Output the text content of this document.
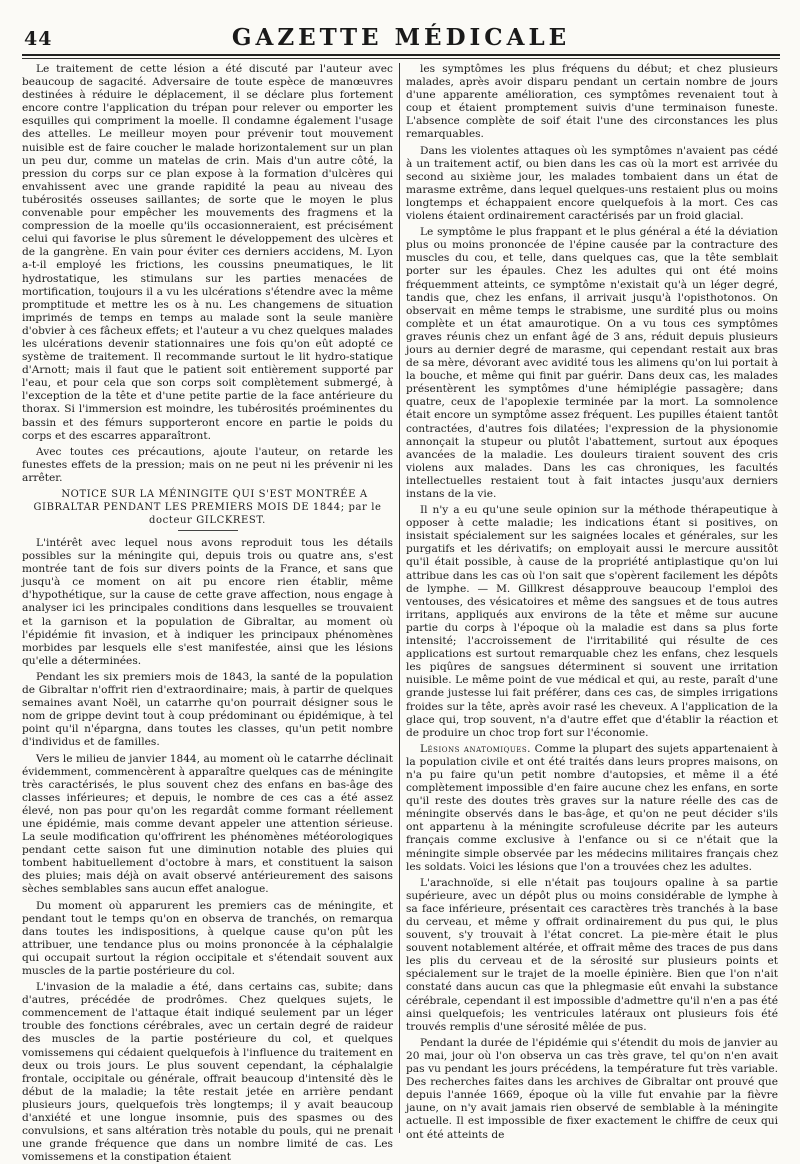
44	GAZETTE MÉDICALE

Le traitement de cette lésion a été discuté par l'auteur avec beaucoup de sagacité. Adversaire de toute espèce de manœuvres destinées à réduire le déplacement, il se déclare plus fortement encore contre l'application du trépan pour relever ou emporter les esquilles qui compriment la moelle. Il condamne également l'usage des attelles. Le meilleur moyen pour prévenir tout mouvement nuisible est de faire coucher le malade horizontalement sur un plan un peu dur, comme un matelas de crin. Mais d'un autre côté, la pression du corps sur ce plan expose à la formation d'ulcères qui envahissent avec une grande rapidité la peau au niveau des tubérosités osseuses saillantes; de sorte que le moyen le plus convenable pour empêcher les mouvements des fragmens et la compression de la moelle qu'ils occasionneraient, est précisément celui qui favorise le plus sûrement le développement des ulcères et de la gangrène. En vain pour éviter ces derniers accidens, M. Lyon a-t-il employé les frictions, les coussins pneumatiques, le lit hydrostatique, les stimulans sur les parties menacées de mortification, toujours il a vu les ulcérations s'étendre avec la même promptitude et mettre les os à nu. Les changemens de situation imprimés de temps en temps au malade sont la seule manière d'obvier à ces fâcheux effets; et l'auteur a vu chez quelques malades les ulcérations devenir stationnaires une fois qu'on eût adopté ce système de traitement. Il recommande surtout le lit hydro-statique d'Arnott; mais il faut que le patient soit entièrement supporté par l'eau, et pour cela que son corps soit complètement submergé, à l'exception de la tête et d'une petite partie de la face antérieure du thorax. Si l'immersion est moindre, les tubérosités proéminentes du bassin et des fémurs supporteront encore en partie le poids du corps et des escarres apparaîtront.

Avec toutes ces précautions, ajoute l'auteur, on retarde les funestes effets de la pression; mais on ne peut ni les prévenir ni les arrêter.

NOTICE SUR LA MÉNINGITE QUI S'EST MONTRÉE A GIBRALTAR PENDANT LES PREMIERS MOIS DE 1844; par le docteur GILCKREST.

L'intérêt avec lequel nous avons reproduit tous les détails possibles sur la méningite qui, depuis trois ou quatre ans, s'est montrée tant de fois sur divers points de la France, et sans que jusqu'à ce moment on ait pu encore rien établir, même d'hypothétique, sur la cause de cette grave affection, nous engage à analyser ici les principales conditions dans lesquelles se trouvaient et la garnison et la population de Gibraltar, au moment où l'épidémie fit invasion, et à indiquer les principaux phénomènes morbides par lesquels elle s'est manifestée, ainsi que les lésions qu'elle a déterminées.

Pendant les six premiers mois de 1843, la santé de la population de Gibraltar n'offrit rien d'extraordinaire; mais, à partir de quelques semaines avant Noël, un catarrhe qu'on pourrait désigner sous le nom de grippe devint tout à coup prédominant ou épidémique, à tel point qu'il n'épargna, dans toutes les classes, qu'un petit nombre d'individus et de familles.

Vers le milieu de janvier 1844, au moment où le catarrhe déclinait évidemment, commencèrent à apparaître quelques cas de méningite très caractérisés, le plus souvent chez des enfans en bas-âge des classes inférieures; et depuis, le nombre de ces cas a été assez élevé, non pas pour qu'on les regardât comme formant réellement une épidémie, mais comme devant appeler une attention sérieuse. La seule modification qu'offrirent les phénomènes météorologiques pendant cette saison fut une diminution notable des pluies qui tombent habituellement d'octobre à mars, et constituent la saison des pluies; mais déjà on avait observé antérieurement des saisons sèches semblables sans aucun effet analogue.

Du moment où apparurent les premiers cas de méningite, et pendant tout le temps qu'on en observa de tranchés, on remarqua dans toutes les indispositions, à quelque cause qu'on pût les attribuer, une tendance plus ou moins prononcée à la céphalalgie qui occupait surtout la région occipitale et s'étendait souvent aux muscles de la partie postérieure du col.

L'invasion de la maladie a été, dans certains cas, subite; dans d'autres, précédée de prodrômes. Chez quelques sujets, le commencement de l'attaque était indiqué seulement par un léger trouble des fonctions cérébrales, avec un certain degré de raideur des muscles de la partie postérieure du col, et quelques vomissemens qui cédaient quelquefois à l'influence du traitement en deux ou trois jours. Le plus souvent cependant, la céphalalgie frontale, occipitale ou générale, offrait beaucoup d'intensité dès le début de la maladie; la tête restait jetée en arrière pendant plusieurs jours, quelquefois très longtemps; il y avait beaucoup d'anxiété et une longue insomnie, puis des spasmes ou des convulsions, et sans altération très notable du pouls, qui ne prenait une grande fréquence que dans un nombre limité de cas. Les vomissemens et la constipation étaient

les symptômes les plus fréquens du début; et chez plusieurs malades, après avoir disparu pendant un certain nombre de jours d'une apparente amélioration, ces symptômes revenaient tout à coup et étaient promptement suivis d'une terminaison funeste. L'absence complète de soif était l'une des circonstances les plus remarquables.

Dans les violentes attaques où les symptômes n'avaient pas cédé à un traitement actif, ou bien dans les cas où la mort est arrivée du second au sixième jour, les malades tombaient dans un état de marasme extrême, dans lequel quelques-uns restaient plus ou moins longtemps et échappaient encore quelquefois à la mort. Ces cas violens étaient ordinairement caractérisés par un froid glacial.

Le symptôme le plus frappant et le plus général a été la déviation plus ou moins prononcée de l'épine causée par la contracture des muscles du cou, et telle, dans quelques cas, que la tête semblait porter sur les épaules. Chez les adultes qui ont été moins fréquemment atteints, ce symptôme n'existait qu'à un léger degré, tandis que, chez les enfans, il arrivait jusqu'à l'opisthotonos. On observait en même temps le strabisme, une surdité plus ou moins complète et un état amaurotique. On a vu tous ces symptômes graves réunis chez un enfant âgé de 3 ans, réduit depuis plusieurs jours au dernier degré de marasme, qui cependant restait aux bras de sa mère, dévorant avec avidité tous les alimens qu'on lui portait à la bouche, et même qui finit par guérir. Dans deux cas, les malades présentèrent les symptômes d'une hémiplégie passagère; dans quatre, ceux de l'apoplexie terminée par la mort. La somnolence était encore un symptôme assez fréquent. Les pupilles étaient tantôt contractées, d'autres fois dilatées; l'expression de la physionomie annonçait la stupeur ou plutôt l'abattement, surtout aux époques avancées de la maladie. Les douleurs tiraient souvent des cris violens aux malades. Dans les cas chroniques, les facultés intellectuelles restaient tout à fait intactes jusqu'aux derniers instans de la vie.

Il n'y a eu qu'une seule opinion sur la méthode thérapeutique à opposer à cette maladie; les indications étant si positives, on insistait spécialement sur les saignées locales et générales, sur les purgatifs et les dérivatifs; on employait aussi le mercure aussitôt qu'il était possible, à cause de la propriété antiplastique qu'on lui attribue dans les cas où l'on sait que s'opèrent facilement les dépôts de lymphe. — M. Gillkrest désapprouve beaucoup l'emploi des ventouses, des vésicatoires et même des sangsues et de tous autres irritans, appliqués aux environs de la tête et même sur aucune partie du corps à l'époque où la maladie est dans sa plus forte intensité; l'accroissement de l'irritabilité qui résulte de ces applications est surtout remarquable chez les enfans, chez lesquels les piqûres de sangsues déterminent si souvent une irritation nuisible. Le même point de vue médical et qui, au reste, paraît d'une grande justesse lui fait préférer, dans ces cas, de simples irrigations froides sur la tête, après avoir rasé les cheveux. A l'application de la glace qui, trop souvent, n'a d'autre effet que d'établir la réaction et de produire un choc trop fort sur l'économie.

Lésions anatomiques. Comme la plupart des sujets appartenaient à la population civile et ont été traités dans leurs propres maisons, on n'a pu faire qu'un petit nombre d'autopsies, et même il a été complètement impossible d'en faire aucune chez les enfans, en sorte qu'il reste des doutes très graves sur la nature réelle des cas de méningite observés dans le bas-âge, et qu'on ne peut décider s'ils ont appartenu à la méningite scrofuleuse décrite par les auteurs français comme exclusive à l'enfance ou si ce n'était que la méningite simple observée par les médecins militaires français chez les soldats. Voici les lésions que l'on a trouvées chez les adultes.

L'arachnoïde, si elle n'était pas toujours opaline à sa partie supérieure, avec un dépôt plus ou moins considérable de lymphe à sa face inférieure, présentait ces caractères très tranchés à la base du cerveau, et même y offrait ordinairement du pus qui, le plus souvent, s'y trouvait à l'état concret. La pie-mère était le plus souvent notablement altérée, et offrait même des traces de pus dans les plis du cerveau et de la sérosité sur plusieurs points et spécialement sur le trajet de la moelle épinière. Bien que l'on n'ait constaté dans aucun cas que la phlegmasie eût envahi la substance cérébrale, cependant il est impossible d'admettre qu'il n'en a pas été ainsi quelquefois; les ventricules latéraux ont plusieurs fois été trouvés remplis d'une sérosité mêlée de pus.

Pendant la durée de l'épidémie qui s'étendit du mois de janvier au 20 mai, jour où l'on observa un cas très grave, tel qu'on n'en avait pas vu pendant les jours précédens, la température fut très variable. Des recherches faites dans les archives de Gibraltar ont prouvé que depuis l'année 1669, époque où la ville fut envahie par la fièvre jaune, on n'y avait jamais rien observé de semblable à la méningite actuelle. Il est impossible de fixer exactement le chiffre de ceux qui ont été atteints de
